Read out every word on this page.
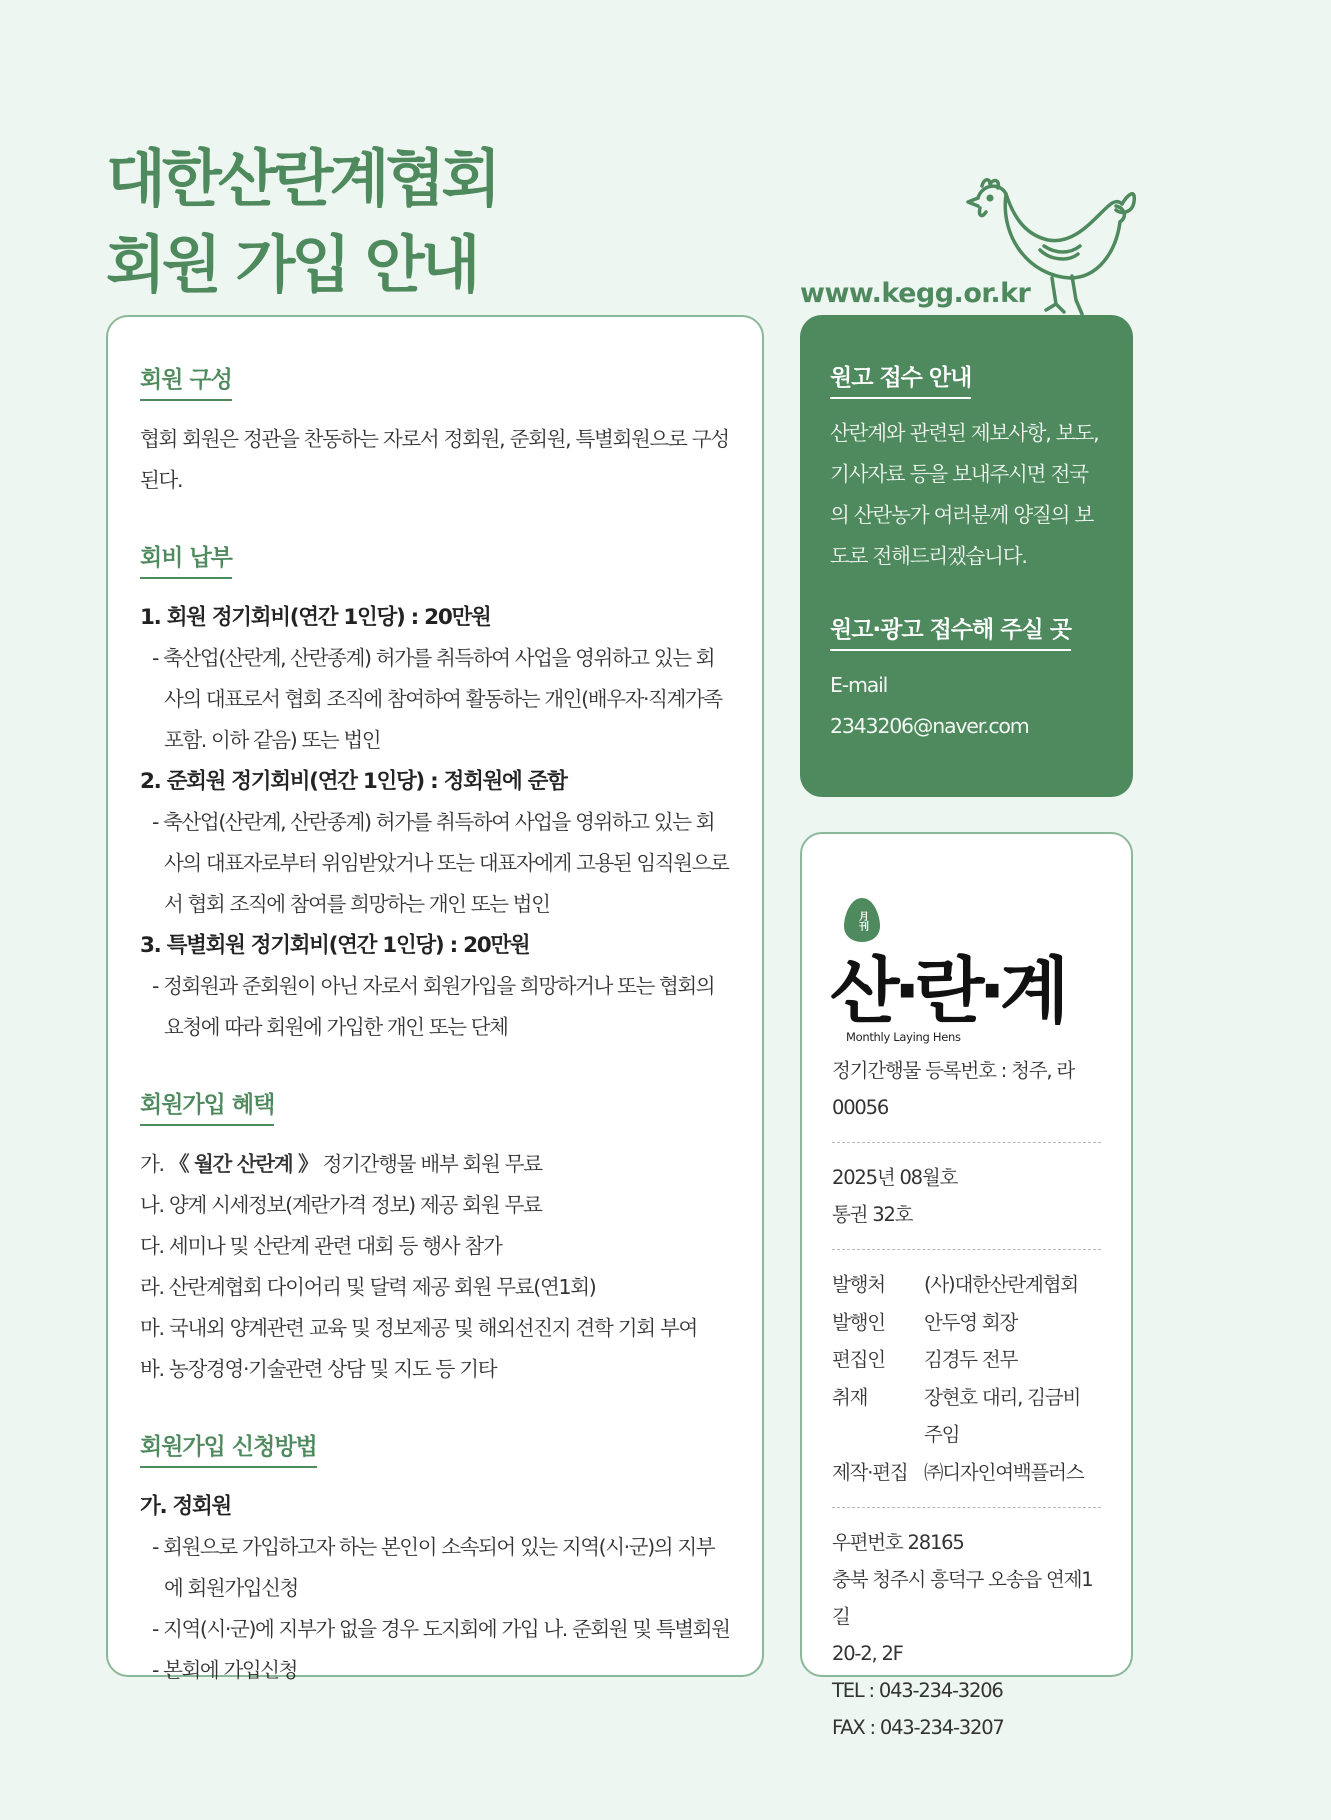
대한산란계협회
회원 가입 안내	www.kegg.or.kr
회원 구성

협회 회원은 정관을 찬동하는 자로서 정회원, 준회원, 특별회원으로 구성된다.

회비 납부

1. 회원 정기회비(연간 1인당) : 20만원

- 축산업(산란계, 산란종계) 허가를 취득하여 사업을 영위하고 있는 회사의 대표로서 협회 조직에 참여하여 활동하는 개인(배우자·직계가족 포함. 이하 같음) 또는 법인

2. 준회원 정기회비(연간 1인당) : 정회원에 준함

- 축산업(산란계, 산란종계) 허가를 취득하여 사업을 영위하고 있는 회사의 대표자로부터 위임받았거나 또는 대표자에게 고용된 임직원으로서 협회 조직에 참여를 희망하는 개인 또는 법인

3. 특별회원 정기회비(연간 1인당) : 20만원

- 정회원과 준회원이 아닌 자로서 회원가입을 희망하거나 또는 협회의 요청에 따라 회원에 가입한 개인 또는 단체

회원가입 혜택

가. 《 월간 산란계 》 정기간행물 배부 회원 무료

나. 양계 시세정보(계란가격 정보) 제공 회원 무료

다. 세미나 및 산란계 관련 대회 등 행사 참가

라. 산란계협회 다이어리 및 달력 제공 회원 무료(연1회)

마. 국내외 양계관련 교육 및 정보제공 및 해외선진지 견학 기회 부여

바. 농장경영·기술관련 상담 및 지도 등 기타

회원가입 신청방법

가. 정회원

- 회원으로 가입하고자 하는 본인이 소속되어 있는 지역(시·군)의 지부에 회원가입신청

- 지역(시·군)에 지부가 없을 경우 도지회에 가입 나. 준회원 및 특별회원

- 본회에 가입신청

원고 접수 안내

산란계와 관련된 제보사항, 보도, 기사자료 등을 보내주시면 전국의 산란농가 여러분께 양질의 보도로 전해드리겠습니다.

원고·광고 접수해 주실 곳

E-mail

2343206@naver.com

月刊
산·란·계
Monthly Laying Hens

정기간행물 등록번호 : 청주, 라00056

2025년 08월호

통권 32호

발행처	(사)대한산란계협회
발행인	안두영 회장
편집인	김경두 전무
취재	장현호 대리, 김금비 주임
제작·편집 ㈜디자인여백플러스

우편번호 28165

충북 청주시 흥덕구 오송읍 연제1길

20-2, 2F

TEL : 043-234-3206

FAX : 043-234-3207
